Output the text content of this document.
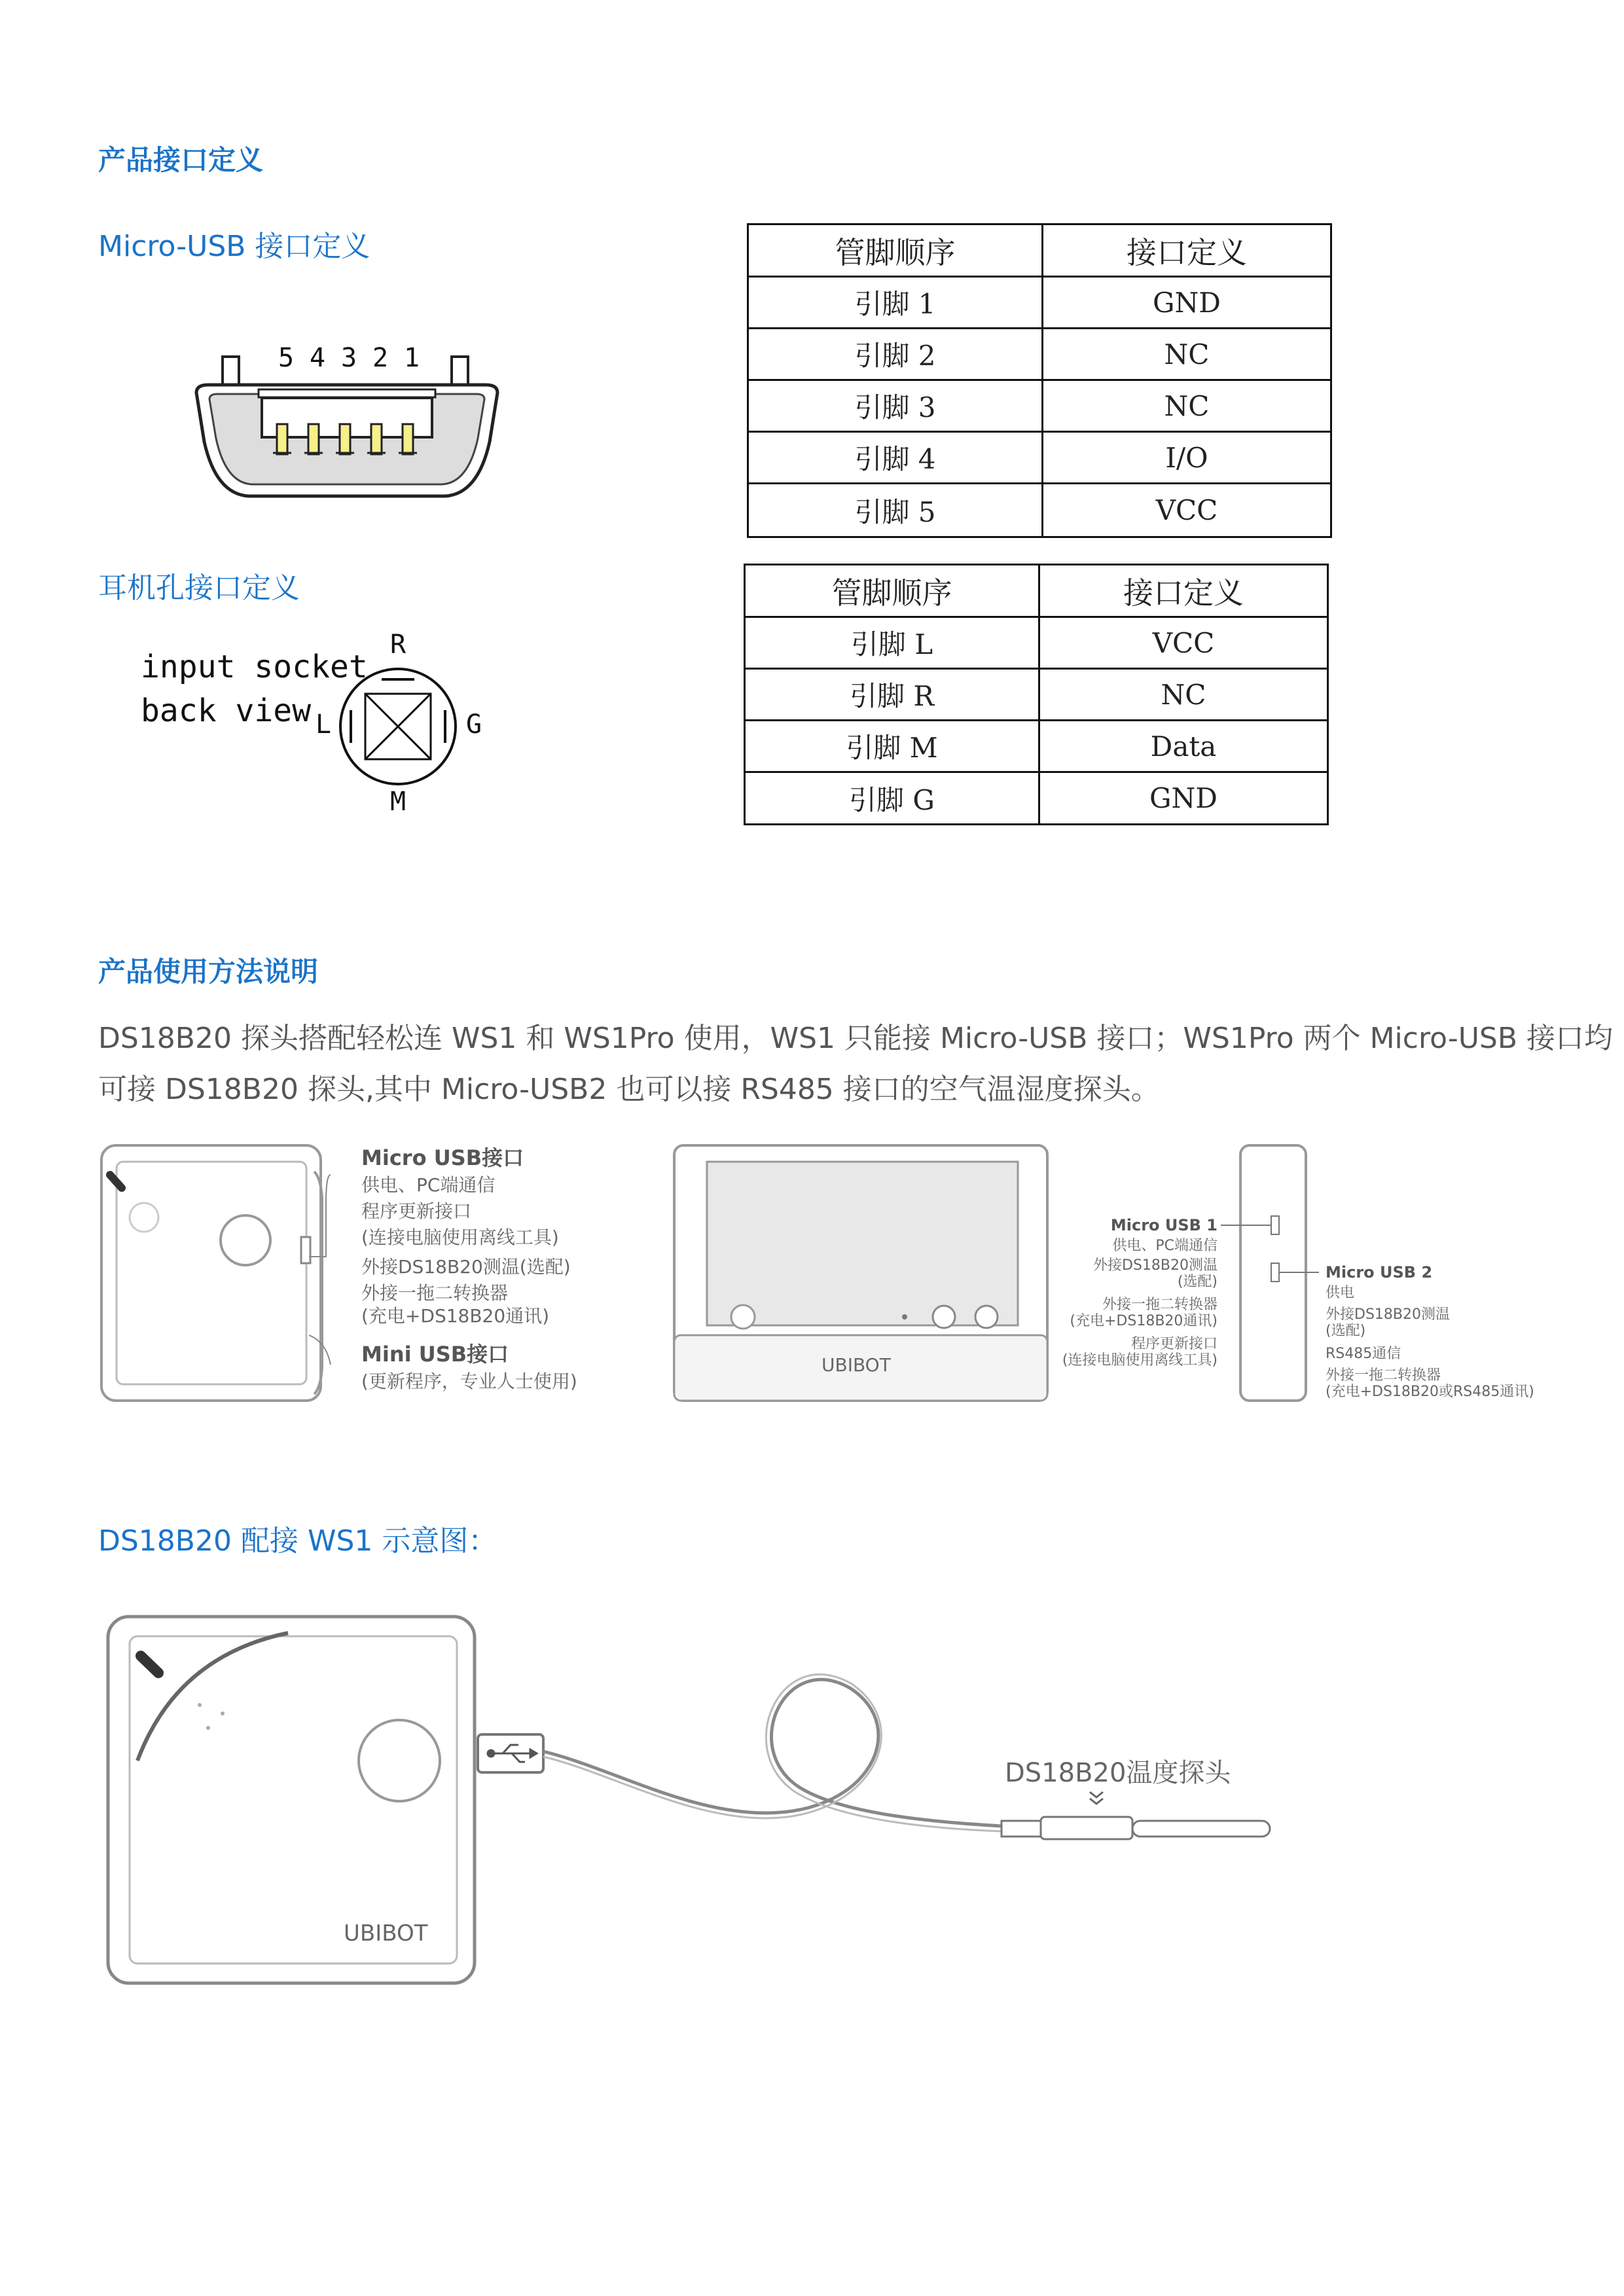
产品接口定义
Micro-USB 接口定义
5 4 3 2 1
管脚顺序	接口定义
引脚 1	GND
引脚 2	NC
引脚 3	NC
引脚 4	I/O
引脚 5	VCC
耳机孔接口定义
input socket
back view
R
L	G
M
管脚顺序	接口定义
引脚 L	VCC
引脚 R	NC
引脚 M	Data
引脚 G	GND
产品使用方法说明
DS18B20 探头搭配轻松连 WS1 和 WS1Pro 使用，WS1 只能接 Micro-USB 接口；WS1Pro 两个 Micro-USB 接口均可接 DS18B20 探头,其中 Micro-USB2 也可以接 RS485 接口的空气温湿度探头。
Micro USB接口
供电、PC端通信
程序更新接口
(连接电脑使用离线工具)
外接DS18B20测温(选配)
外接一拖二转换器
(充电+DS18B20通讯)
Mini USB接口
(更新程序，专业人士使用)
UBIBOT
Micro USB 1
供电、PC端通信
外接DS18B20测温
(选配)
外接一拖二转换器
(充电+DS18B20通讯)
程序更新接口
(连接电脑使用离线工具)
Micro USB 2
供电
外接DS18B20测温
(选配)
RS485通信
外接一拖二转换器
(充电+DS18B20或RS485通讯)
DS18B20 配接 WS1 示意图：
UBIBOT
DS18B20温度探头
